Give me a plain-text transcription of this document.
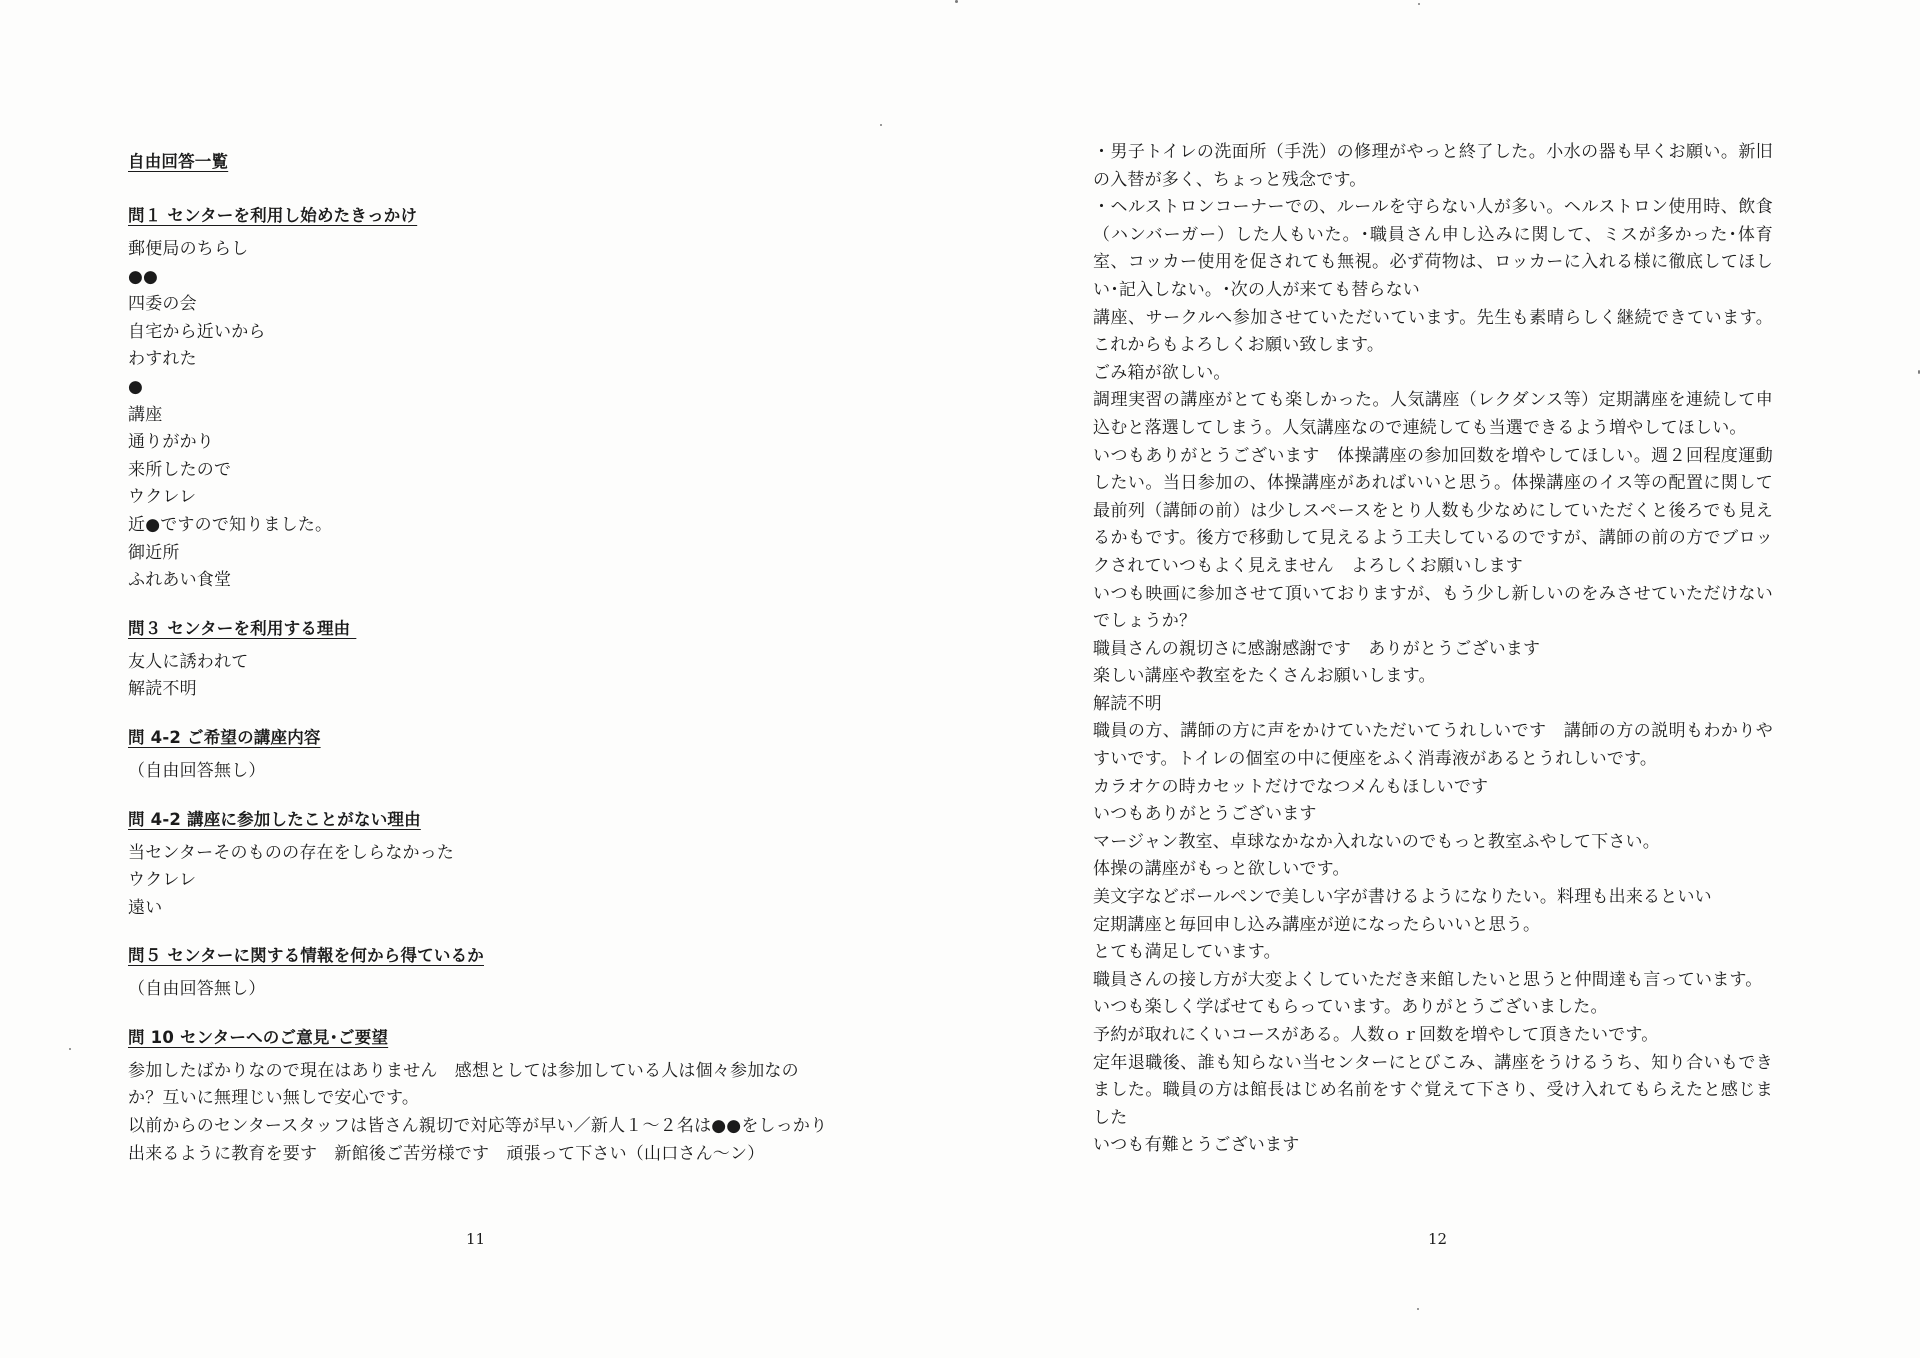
自由回答一覧
問１ センターを利用し始めたきっかけ
郵便局のちらし
●●
四委の会
自宅から近いから
わすれた
●
講座
通りがかり
来所したので
ウクレレ
近●ですので知りました。
御近所
ふれあい食堂
問３ センターを利用する理由
友人に誘われて
解読不明
問 4-2 ご希望の講座内容
（自由回答無し）
問 4-2 講座に参加したことがない理由
当センターそのものの存在をしらなかった
ウクレレ
遠い
問５ センターに関する情報を何から得ているか
（自由回答無し）
問 10 センターへのご意見･ご要望
参加したばかりなので現在はありません　感想としては参加している人は個々参加なのか？互いに無理じい無しで安心です。
以前からのセンタースタッフは皆さん親切で対応等が早い／新人１～２名は●●をしっかり出来るように教育を要す　新館後ご苦労様です　頑張って下さい（山口さん～ン）
11
・男子トイレの洗面所（手洗）の修理がやっと終了した。小水の器も早くお願い。新旧の入替が多く、ちょっと残念です。
・ヘルストロンコーナーでの、ルールを守らない人が多い。ヘルストロン使用時、飲食（ハンバーガー）した人もいた。･職員さん申し込みに関して、ミスが多かった･体育室、コッカー使用を促されても無視。必ず荷物は、ロッカーに入れる様に徹底してほしい･記入しない。･次の人が来ても替らない
講座、サークルへ参加させていただいています。先生も素晴らしく継続できています。これからもよろしくお願い致します。
ごみ箱が欲しい。
調理実習の講座がとても楽しかった。人気講座（レクダンス等）定期講座を連続して申込むと落選してしまう。人気講座なので連続しても当選できるよう増やしてほしい。
いつもありがとうございます　体操講座の参加回数を増やしてほしい。週２回程度運動したい。当日参加の、体操講座があればいいと思う。体操講座のイス等の配置に関して最前列（講師の前）は少しスペースをとり人数も少なめにしていただくと後ろでも見えるかもです。後方で移動して見えるよう工夫しているのですが、講師の前の方でブロックされていつもよく見えません　よろしくお願いします
いつも映画に参加させて頂いておりますが、もう少し新しいのをみさせていただけないでしょうか？
職員さんの親切さに感謝感謝です　ありがとうございます
楽しい講座や教室をたくさんお願いします。
解読不明
職員の方、講師の方に声をかけていただいてうれしいです　講師の方の説明もわかりやすいです。トイレの個室の中に便座をふく消毒液があるとうれしいです。
カラオケの時カセットだけでなつメんもほしいです
いつもありがとうございます
マージャン教室、卓球なかなか入れないのでもっと教室ふやして下さい。
体操の講座がもっと欲しいです。
美文字などボールペンで美しい字が書けるようになりたい。料理も出来るといい
定期講座と毎回申し込み講座が逆になったらいいと思う。
とても満足しています。
職員さんの接し方が大変よくしていただき来館したいと思うと仲間達も言っています。
いつも楽しく学ばせてもらっています。ありがとうございました。
予約が取れにくいコースがある。人数ｏｒ回数を増やして頂きたいです。
定年退職後、誰も知らない当センターにとびこみ、講座をうけるうち、知り合いもできました。職員の方は館長はじめ名前をすぐ覚えて下さり、受け入れてもらえたと感じました
いつも有難とうございます
12
